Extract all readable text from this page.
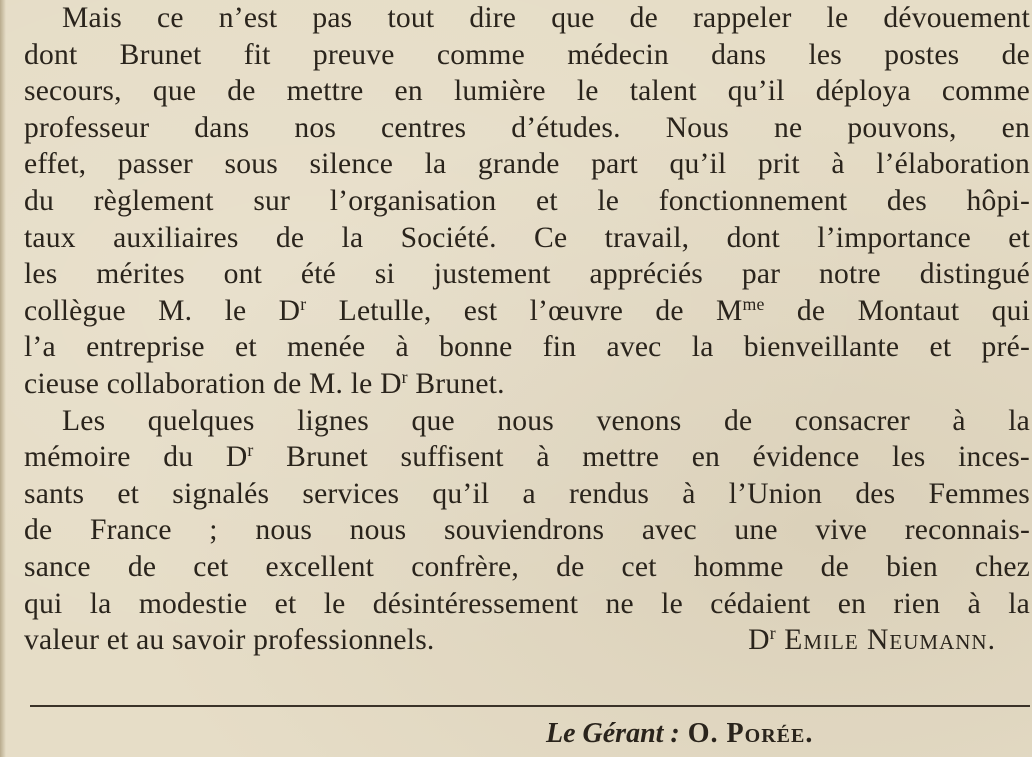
Mais ce n’est pas tout dire que de rappeler le dévouement
dont Brunet fit preuve comme médecin dans les postes de
secours, que de mettre en lumière le talent qu’il déploya comme
professeur dans nos centres d’études. Nous ne pouvons, en
effet, passer sous silence la grande part qu’il prit à l’élaboration
du règlement sur l’organisation et le fonctionnement des hôpi-
taux auxiliaires de la Société. Ce travail, dont l’importance et
les mérites ont été si justement appréciés par notre distingué
collègue M. le $D^r$ Letulle, est l’œuvre de $M^{me}$ de Montaut qui
l’a entreprise et menée à bonne fin avec la bienveillante et pré-
cieuse collaboration de M. le $D^r$ Brunet.
Les quelques lignes que nous venons de consacrer à la
mémoire du $D^r$ Brunet suffisent à mettre en évidence les inces-
sants et signalés services qu’il a rendus à l’Union des Femmes
de France ; nous nous souviendrons avec une vive reconnais-
sance de cet excellent confrère, de cet homme de bien chez
qui la modestie et le désintéressement ne le cédaient en rien à la
valeur et au savoir professionnels.	$D^r$ Emile Neumann.
Le Gérant : O. Porée.
